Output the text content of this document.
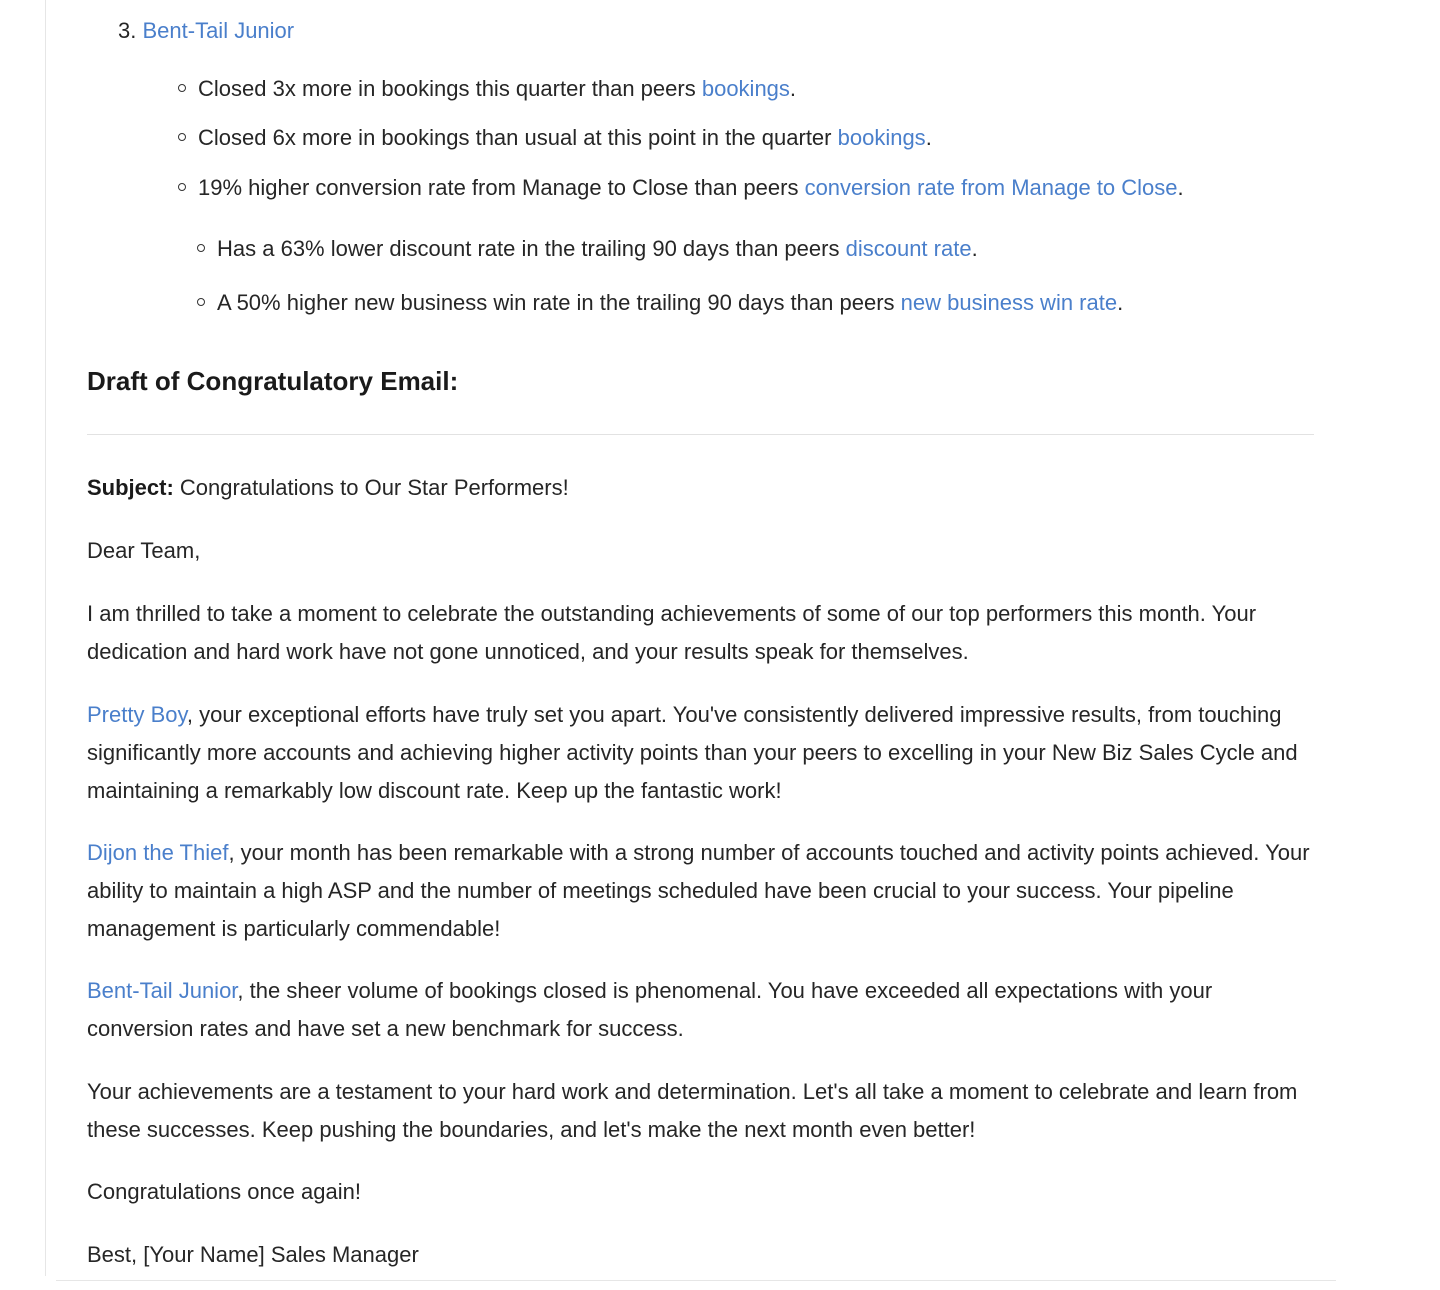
3. Bent-Tail Junior
Closed 3x more in bookings this quarter than peers bookings.
Closed 6x more in bookings than usual at this point in the quarter bookings.
19% higher conversion rate from Manage to Close than peers conversion rate from Manage to Close.
Has a 63% lower discount rate in the trailing 90 days than peers discount rate.
A 50% higher new business win rate in the trailing 90 days than peers new business win rate.
Draft of Congratulatory Email:

Subject: Congratulations to Our Star Performers!

Dear Team,

I am thrilled to take a moment to celebrate the outstanding achievements of some of our top performers this month. Your dedication and hard work have not gone unnoticed, and your results speak for themselves.

Pretty Boy, your exceptional efforts have truly set you apart. You've consistently delivered impressive results, from touching significantly more accounts and achieving higher activity points than your peers to excelling in your New Biz Sales Cycle and maintaining a remarkably low discount rate. Keep up the fantastic work!

Dijon the Thief, your month has been remarkable with a strong number of accounts touched and activity points achieved. Your ability to maintain a high ASP and the number of meetings scheduled have been crucial to your success. Your pipeline management is particularly commendable!

Bent-Tail Junior, the sheer volume of bookings closed is phenomenal. You have exceeded all expectations with your conversion rates and have set a new benchmark for success.

Your achievements are a testament to your hard work and determination. Let's all take a moment to celebrate and learn from these successes. Keep pushing the boundaries, and let's make the next month even better!

Congratulations once again!

Best, [Your Name] Sales Manager
